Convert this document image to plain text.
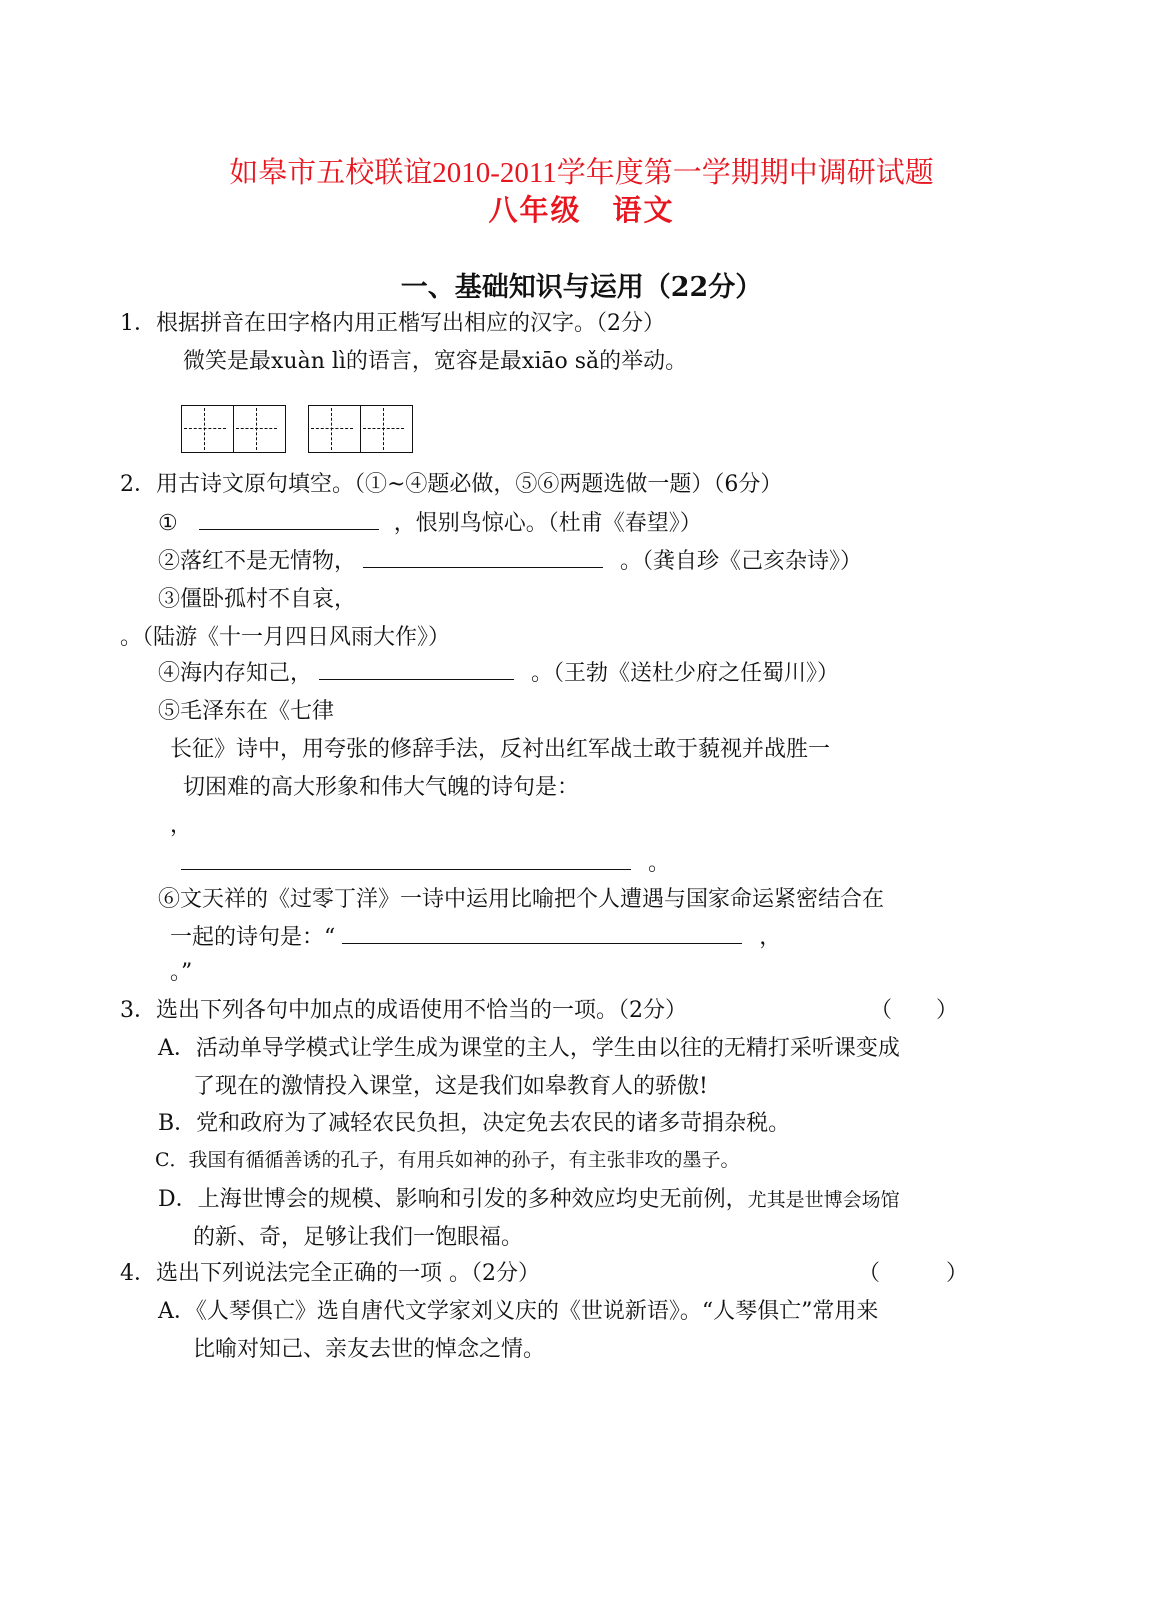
如皋市五校联谊2010-2011学年度第一学期期中调研试题
八年级　语文
一、基础知识与运用（22分）
1．根据拼音在田字格内用正楷写出相应的汉字。（2分）
微笑是最xuàn lì的语言，宽容是最xiāo sǎ的举动。
2．用古诗文原句填空。（①~④题必做，⑤⑥两题选做一题）（6分）
①	，恨别鸟惊心。（杜甫《春望》）
②落红不是无情物，	。（龚自珍《己亥杂诗》）
③僵卧孤村不自哀，
。（陆游《十一月四日风雨大作》）
④海内存知己，	。（王勃《送杜少府之任蜀川》）
⑤毛泽东在《七律
长征》诗中，用夸张的修辞手法，反衬出红军战士敢于藐视并战胜一
切困难的高大形象和伟大气魄的诗句是：
，
。
⑥文天祥的《过零丁洋》一诗中运用比喻把个人遭遇与国家命运紧密结合在
一起的诗句是：“	，
。”
3．选出下列各句中加点的成语使用不恰当的一项。（2分）	（　　）
A．活动单导学模式让学生成为课堂的主人，学生由以往的无精打采听课变成
了现在的激情投入课堂，这是我们如皋教育人的骄傲!
B．党和政府为了减轻农民负担，决定免去农民的诸多苛捐杂税。
C．我国有循循善诱的孔子，有用兵如神的孙子，有主张非攻的墨子。
D．上海世博会的规模、影响和引发的多种效应均史无前例，尤其是世博会场馆
的新、奇，足够让我们一饱眼福。
4．选出下列说法完全正确的一项 。（2分）	（　　　）
A．《人琴俱亡》选自唐代文学家刘义庆的《世说新语》。“人琴俱亡”常用来
比喻对知己、亲友去世的悼念之情。
